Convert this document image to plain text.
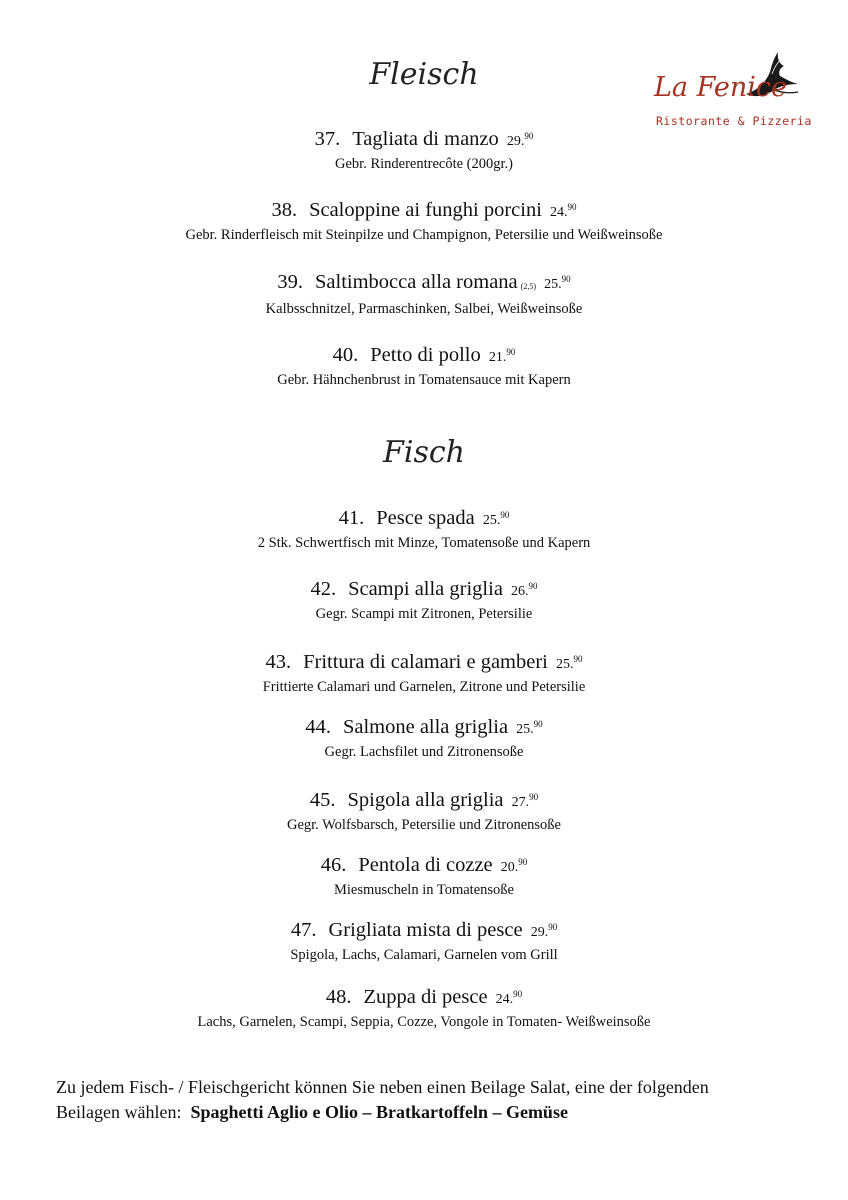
La Fenice
Ristorante & Pizzeria
Fleisch
37. Tagliata di manzo 29.90
Gebr. Rinderentrecôte (200gr.)
38. Scaloppine ai funghi porcini 24.90
Gebr. Rinderfleisch mit Steinpilze und Champignon, Petersilie und Weißweinsoße
39. Saltimbocca alla romana (2,5) 25.90
Kalbsschnitzel, Parmaschinken, Salbei, Weißweinsoße
40. Petto di pollo 21.90
Gebr. Hähnchenbrust in Tomatensauce mit Kapern
Fisch
41. Pesce spada 25.90
2 Stk. Schwertfisch mit Minze, Tomatensoße und Kapern
42. Scampi alla griglia 26.90
Gegr. Scampi mit Zitronen, Petersilie
43. Frittura di calamari e gamberi 25.90
Frittierte Calamari und Garnelen, Zitrone und Petersilie
44. Salmone alla griglia 25.90
Gegr. Lachsfilet und Zitronensoße
45. Spigola alla griglia 27.90
Gegr. Wolfsbarsch, Petersilie und Zitronensoße
46. Pentola di cozze 20.90
Miesmuscheln in Tomatensoße
47. Grigliata mista di pesce 29.90
Spigola, Lachs, Calamari, Garnelen vom Grill
48. Zuppa di pesce 24.90
Lachs, Garnelen, Scampi, Seppia, Cozze, Vongole in Tomaten- Weißweinsoße
Zu jedem Fisch- / Fleischgericht können Sie neben einen Beilage Salat, eine der folgenden
Beilagen wählen: Spaghetti Aglio e Olio – Bratkartoffeln – Gemüse
